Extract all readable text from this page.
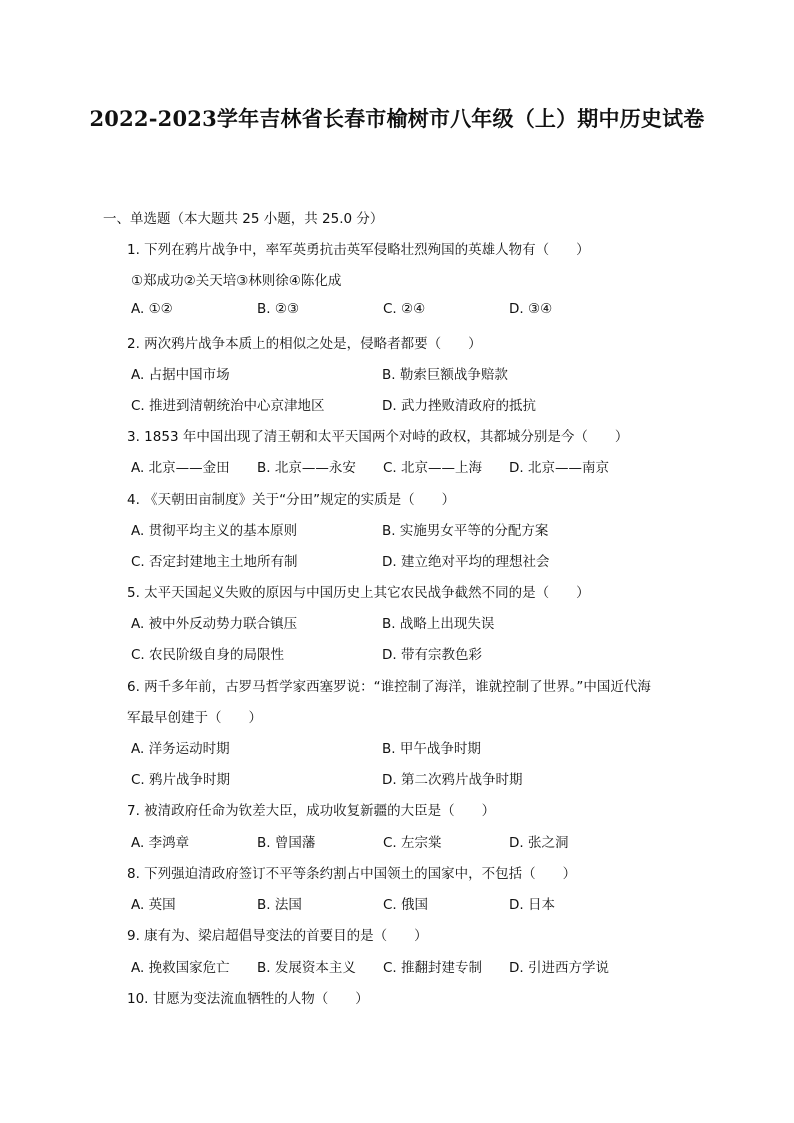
2022-2023学年吉林省长春市榆树市八年级（上）期中历史试卷
一、单选题（本大题共 25 小题，共 25.0 分）
1. 下列在鸦片战争中，率军英勇抗击英军侵略壮烈殉国的英雄人物有（　　）
①郑成功②关天培③林则徐④陈化成
A. ①②	B. ②③	C. ②④	D. ③④
2. 两次鸦片战争本质上的相似之处是，侵略者都要（　　）
A. 占据中国市场	B. 勒索巨额战争赔款
C. 推进到清朝统治中心京津地区	D. 武力挫败清政府的抵抗
3. 1853 年中国出现了清王朝和太平天国两个对峙的政权，其都城分别是今（　　）
A. 北京——金田 B. 北京——永安 C. 北京——上海 D. 北京——南京
4. 《天朝田亩制度》关于“分田”规定的实质是（　　）
A. 贯彻平均主义的基本原则	B. 实施男女平等的分配方案
C. 否定封建地主土地所有制	D. 建立绝对平均的理想社会
5. 太平天国起义失败的原因与中国历史上其它农民战争截然不同的是（　　）
A. 被中外反动势力联合镇压	B. 战略上出现失误
C. 农民阶级自身的局限性	D. 带有宗教色彩
6. 两千多年前，古罗马哲学家西塞罗说：“谁控制了海洋，谁就控制了世界。”中国近代海
军最早创建于（　　）
A. 洋务运动时期	B. 甲午战争时期
C. 鸦片战争时期	D. 第二次鸦片战争时期
7. 被清政府任命为钦差大臣，成功收复新疆的大臣是（　　）
A. 李鸿章	B. 曾国藩	C. 左宗棠	D. 张之洞
8. 下列强迫清政府签订不平等条约割占中国领土的国家中，不包括（　　）
A. 英国	B. 法国	C. 俄国	D. 日本
9. 康有为、梁启超倡导变法的首要目的是（　　）
A. 挽救国家危亡 B. 发展资本主义 C. 推翻封建专制 D. 引进西方学说
10. 甘愿为变法流血牺牲的人物（　　）
